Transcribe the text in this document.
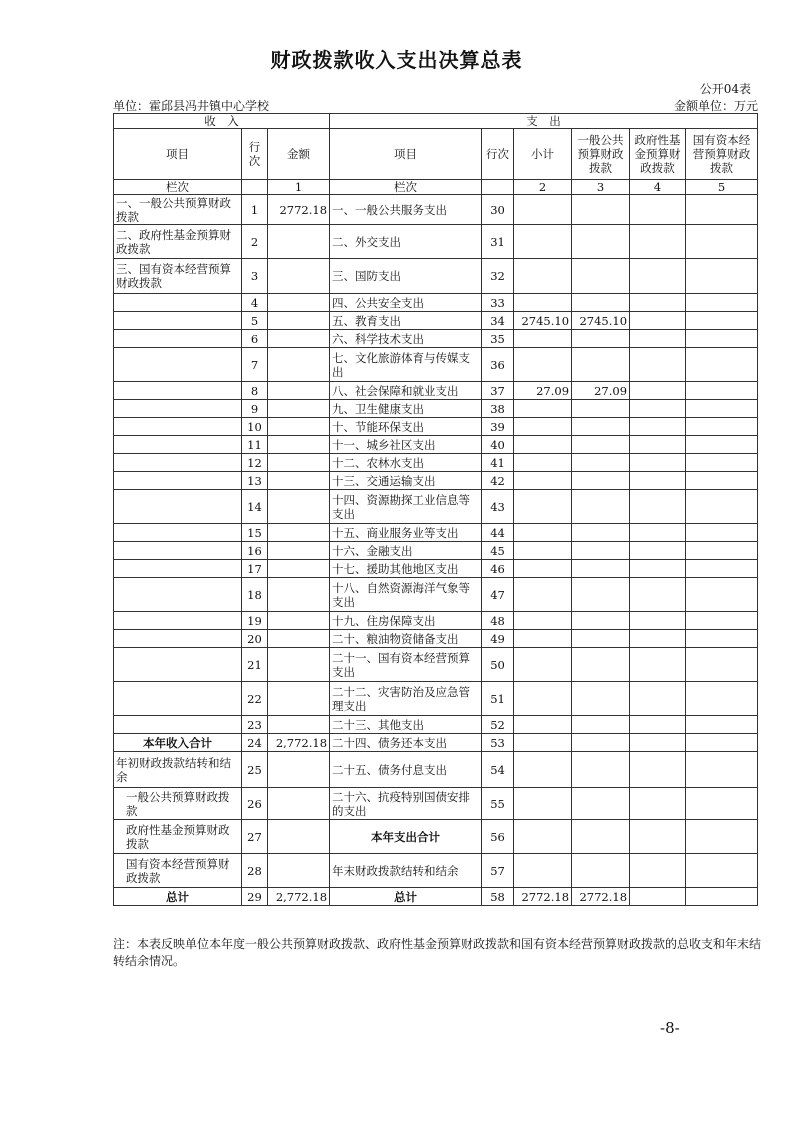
财政拨款收入支出决算总表
公开04表
单位：霍邱县冯井镇中心学校	金额单位：万元
收　入			支　出					
项目	行次	金额	项目	行次	小计	一般公共预算财政拨款	政府性基金预算财政拨款	国有资本经营预算财政拨款
栏次		1	栏次		2	3	4	5
一、一般公共预算财政拨款	1	2772.18	一、一般公共服务支出	30				
二、政府性基金预算财政拨款	2		二、外交支出	31				
三、国有资本经营预算财政拨款	3		三、国防支出	32				
	4		四、公共安全支出	33				
	5		五、教育支出	34	2745.10	2745.10		
	6		六、科学技术支出	35				
	7		七、文化旅游体育与传媒支出	36				
	8		八、社会保障和就业支出	37	27.09	27.09		
	9		九、卫生健康支出	38				
	10		十、节能环保支出	39				
	11		十一、城乡社区支出	40				
	12		十二、农林水支出	41				
	13		十三、交通运输支出	42				
	14		十四、资源勘探工业信息等支出	43				
	15		十五、商业服务业等支出	44				
	16		十六、金融支出	45				
	17		十七、援助其他地区支出	46				
	18		十八、自然资源海洋气象等支出	47				
	19		十九、住房保障支出	48				
	20		二十、粮油物资储备支出	49				
	21		二十一、国有资本经营预算支出	50				
	22		二十二、灾害防治及应急管理支出	51				
	23		二十三、其他支出	52				
本年收入合计	24	2,772.18	二十四、债务还本支出	53				
年初财政拨款结转和结余	25		二十五、债务付息支出	54				
一般公共预算财政拨款	26		二十六、抗疫特别国债安排的支出	55				
政府性基金预算财政拨款	27		本年支出合计	56				
国有资本经营预算财政拨款	28		年末财政拨款结转和结余	57				
总计	29	2,772.18	总计	58	2772.18	2772.18		
注：本表反映单位本年度一般公共预算财政拨款、政府性基金预算财政拨款和国有资本经营预算财政拨款的总收支和年末结转结余情况。
-8-
